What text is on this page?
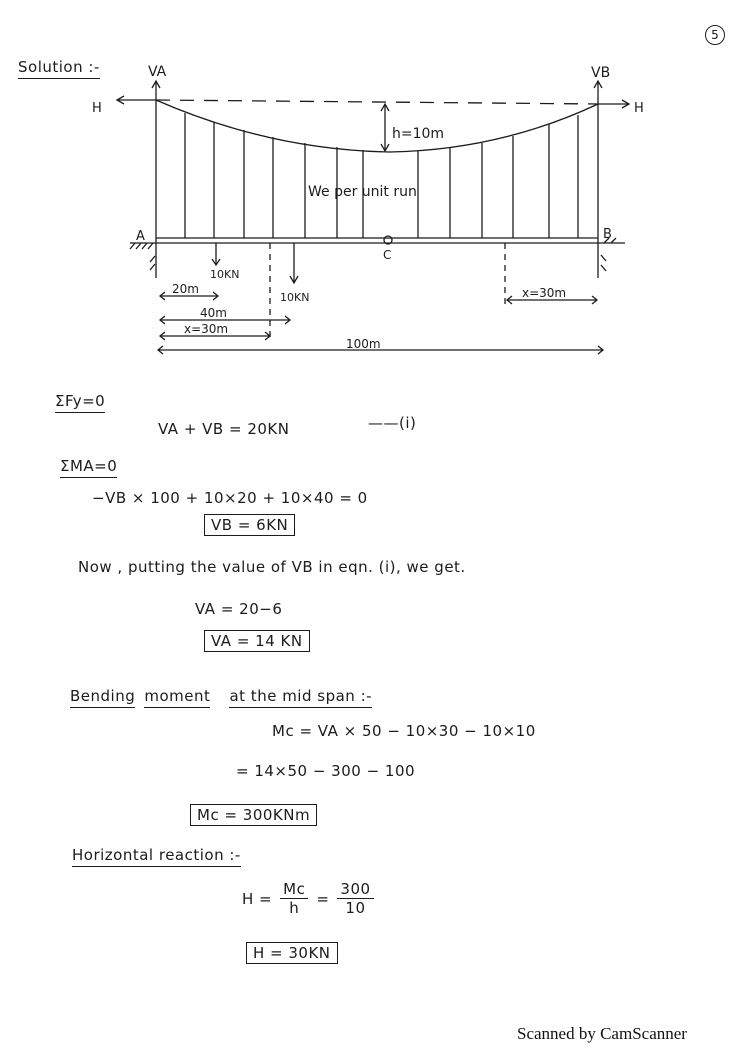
5
Solution :-	VA	VB
H	H
h=10m
We per unit run
A	B
C
10KN
10KN
20m
40m
x=30m
x=30m
100m
ΣFy=0
VA + VB = 20KN	——(i)
ΣMA=0
−VB × 100 + 10×20 + 10×40 = 0
VB = 6KN
Now , putting the value of VB in eqn. (i), we get.
VA = 20−6
VA = 14 KN
Bending moment at the mid span :-
Mc = VA × 50 − 10×30 − 10×10
= 14×50 − 300 − 100
Mc = 300KNm
Horizontal reaction :-
$H = \frac{Mc}{h} = \frac{300}{10}$
H = 30KN
Scanned by CamScanner
